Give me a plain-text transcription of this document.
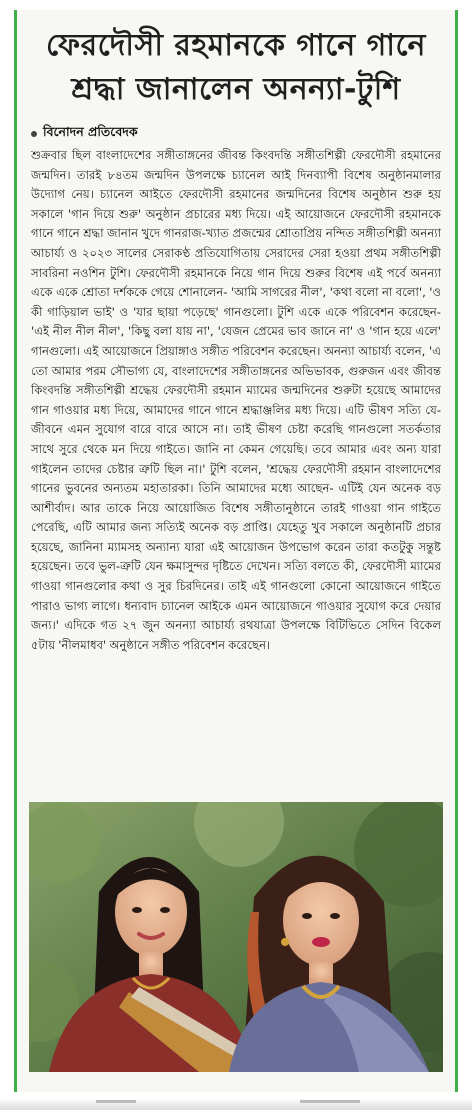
ফেরদৌসী রহমানকে গানে গানে
শ্রদ্ধা জানালেন অনন্যা-টুশি
বিনোদন প্রতিবেদক
শুক্রবার ছিল বাংলাদেশের সঙ্গীতাঙ্গনের জীবন্ত কিংবদন্তি সঙ্গীতশিল্পী ফেরদৌসী রহমানের জন্মদিন। তারই ৮৪তম জন্মদিন উপলক্ষে চ্যানেল আই দিনব্যাপী বিশেষ অনুষ্ঠানমালার উদ্যোগ নেয়। চ্যানেল আইতে ফেরদৌসী রহমানের জন্মদিনের বিশেষ অনুষ্ঠান শুরু হয় সকালে 'গান দিয়ে শুরু' অনুষ্ঠান প্রচারের মধ্য দিয়ে। এই আয়োজনে ফেরদৌসী রহমানকে গানে গানে শ্রদ্ধা জানান খুদে গানরাজ-খ্যাত প্রজন্মের শ্রোতাপ্রিয় নন্দিত সঙ্গীতশিল্পী অনন্যা আচার্য্য ও ২০২৩ সালের সেরাকণ্ঠ প্রতিযোগিতায় সেরাদের সেরা হওয়া প্রথম সঙ্গীতশিল্পী সাবরিনা নওশিন টুশি। ফেরদৌসী রহমানকে নিয়ে গান দিয়ে শুরুর বিশেষ এই পর্বে অনন্যা একে একে শ্রোতা দর্শককে গেয়ে শোনালেন- 'আমি সাগরের নীল', 'কথা বলো না বলো', 'ও কী গাড়িয়াল ভাই' ও 'যার ছায়া পড়েছে' গানগুলো। টুশি একে একে পরিবেশন করেছেন- 'এই নীল নীল নীল', 'কিছু বলা যায় না', 'যেজন প্রেমের ভাব জানে না' ও 'গান হয়ে এলে' গানগুলো। এই আয়োজনে প্রিয়াঙ্গাও সঙ্গীত পরিবেশন করেছেন। অনন্যা আচার্য্য বলেন, 'এ তো আমার পরম সৌভাগ্য যে, বাংলাদেশের সঙ্গীতাঙ্গনের অভিভাবক, গুরুজন এবং জীবন্ত কিংবদন্তি সঙ্গীতশিল্পী শ্রদ্ধেয় ফেরদৌসী রহমান ম্যামের জন্মদিনের শুরুটা হয়েছে আমাদের গান গাওয়ার মধ্য দিয়ে, আমাদের গানে গানে শ্রদ্ধাঞ্জলির মধ্য দিয়ে। এটি ভীষণ সত্যি যে- জীবনে এমন সুযোগ বারে বারে আসে না। তাই ভীষণ চেষ্টা করেছি গানগুলো সতর্কতার সাথে সুরে থেকে মন দিয়ে গাইতে। জানি না কেমন গেয়েছি। তবে আমার এবং অন্য যারা গাইলেন তাদের চেষ্টার ত্রুটি ছিল না।' টুশি বলেন, 'শ্রদ্ধেয় ফেরদৌসী রহমান বাংলাদেশের গানের ভুবনের অন্যতম মহাতারকা। তিনি আমাদের মধ্যে আছেন- এটিই যেন অনেক বড় আশীর্বাদ। আর তাকে নিয়ে আয়োজিত বিশেষ সঙ্গীতানুষ্ঠানে তারই গাওয়া গান গাইতে পেরেছি, এটি আমার জন্য সত্যিই অনেক বড় প্রাপ্তি। যেহেতু খুব সকালে অনুষ্ঠানটি প্রচার হয়েছে, জানিনা ম্যামসহ অন্যান্য যারা এই আয়োজন উপভোগ করেন তারা কতটুকু সন্তুষ্ট হয়েছেন। তবে ভুল-ত্রুটি যেন ক্ষমাসুন্দর দৃষ্টিতে দেখেন। সত্যি বলতে কী, ফেরদৌসী ম্যামের গাওয়া গানগুলোর কথা ও সুর চিরদিনের। তাই এই গানগুলো কোনো আয়োজনে গাইতে পারাও ভাগ্য লাগে। ধন্যবাদ চ্যানেল আইকে এমন আয়োজনে গাওয়ার সুযোগ করে দেয়ার জন্য।' এদিকে গত ২৭ জুন অনন্যা আচার্য্য রথযাত্রা উপলক্ষে বিটিভিতে সেদিন বিকেল ৫টায় 'নীলমাধব' অনুষ্ঠানে সঙ্গীত পরিবেশন করেছেন।
